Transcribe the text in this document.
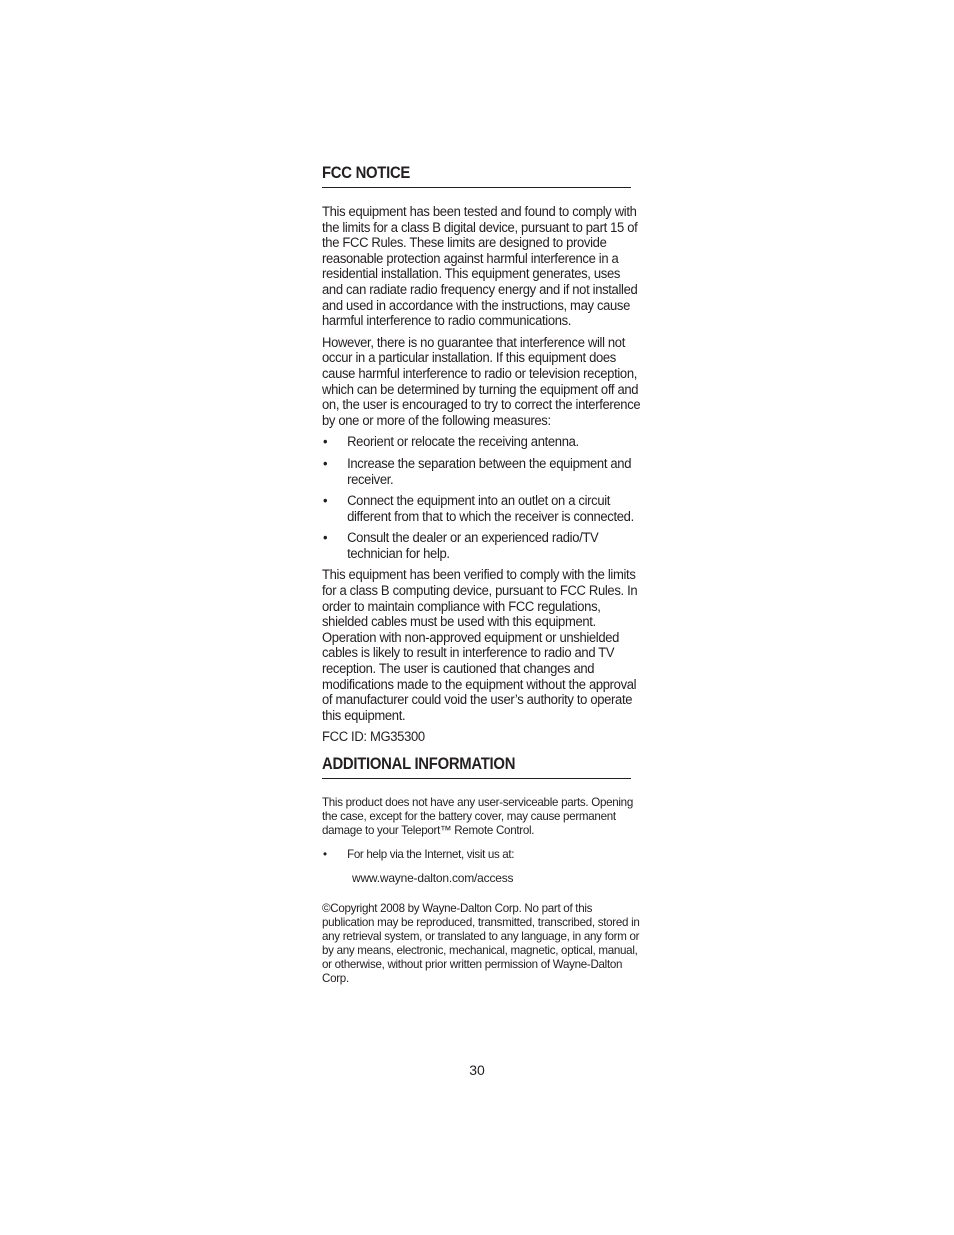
FCC NOTICE

This equipment has been tested and found to comply with the limits for a class B digital device, pursuant to part 15 of the FCC Rules. These limits are designed to provide reasonable protection against harmful interference in a residential installation. This equipment generates, uses and can radiate radio frequency energy and if not installed and used in accordance with the instructions, may cause harmful interference to radio communications.

However, there is no guarantee that interference will not occur in a particular installation. If this equipment does cause harmful interference to radio or television reception, which can be determined by turning the equipment off and on, the user is encouraged to try to correct the interference by one or more of the following measures:

• Reorient or relocate the receiving antenna.
• Increase the separation between the equipment and receiver.
• Connect the equipment into an outlet on a circuit different from that to which the receiver is connected.
• Consult the dealer or an experienced radio/TV technician for help.

This equipment has been verified to comply with the limits for a class B computing device, pursuant to FCC Rules. In order to maintain compliance with FCC regulations, shielded cables must be used with this equipment. Operation with non-approved equipment or unshielded cables is likely to result in interference to radio and TV reception. The user is cautioned that changes and modifications made to the equipment without the approval of manufacturer could void the user’s authority to operate this equipment.

FCC ID: MG35300

ADDITIONAL INFORMATION

This product does not have any user-serviceable parts. Opening the case, except for the battery cover, may cause permanent damage to your Teleport™ Remote Control.

• For help via the Internet, visit us at:
www.wayne-dalton.com/access

©Copyright 2008 by Wayne-Dalton Corp. No part of this publication may be reproduced, transmitted, transcribed, stored in any retrieval system, or translated to any language, in any form or by any means, electronic, mechanical, magnetic, optical, manual, or otherwise, without prior written permission of Wayne-Dalton Corp.

30
